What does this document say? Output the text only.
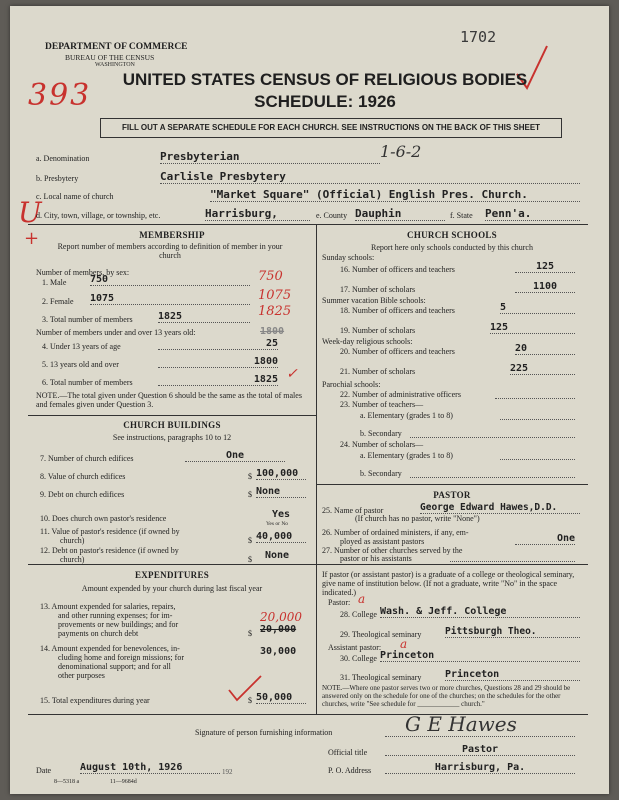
1702
DEPARTMENT OF COMMERCE
BUREAU OF THE CENSUS
WASHINGTON
393	UNITED STATES CENSUS OF RELIGIOUS BODIES
SCHEDULE: 1926
FILL OUT A SEPARATE SCHEDULE FOR EACH CHURCH. SEE INSTRUCTIONS ON THE BACK OF THIS SHEET
1-6-2
a. Denomination	Presbyterian
b. Presbytery	Carlisle Presbytery
c. Local name of church	"Market Square" (Official) English Pres. Church.
U
+
d. City, town, village, or township, etc.	Harrisburg,	e. County Dauphin	f. State Penn'a.
MEMBERSHIP
Report number of members according to definition of member in your church
Number of members, by sex:
1. Male 750	750
2. Female 1075	1075
3. Total number of members	1825	1825
Number of members under and over 13 years old:	1800
4. Under 13 years of age	25
5. 13 years old and over	1800
6. Total number of members	1825 ✓
NOTE.—The total given under Question 6 should be the same as the total of males and females given under Question 3.
CHURCH BUILDINGS
See instructions, paragraphs 10 to 12
7. Number of church edifices	One
8. Value of church edifices	$ 100,000
9. Debt on church edifices	$ None
10. Does church own pastor's residence	Yes
Yes or No
11. Value of pastor's residence (if owned by
church)	$ 40,000
12. Debt on pastor's residence (if owned by
church)	$ None
EXPENDITURES
Amount expended by your church during last fiscal year
13. Amount expended for salaries, repairs,
and other running expenses; for im-
provements or new buildings; and for
payments on church debt
20,000
$ 20,000
14. Amount expended for benevolences, in-
cluding home and foreign missions; for
denominational support; and for all
other purposes
30,000
15. Total expenditures during year	$ 50,000
CHURCH SCHOOLS
Report here only schools conducted by this church
Sunday schools:
16. Number of officers and teachers	125
17. Number of scholars	1100
Summer vacation Bible schools:
18. Number of officers and teachers	5
19. Number of scholars	125
Week-day religious schools:
20. Number of officers and teachers	20
21. Number of scholars	225
Parochial schools:
22. Number of administrative officers
23. Number of teachers—
a. Elementary (grades 1 to 8)
b. Secondary
24. Number of scholars—
a. Elementary (grades 1 to 8)
b. Secondary
PASTOR
25. Name of pastor	George Edward Hawes,D.D.
(If church has no pastor, write "None")
26. Number of ordained ministers, if any, em-
ployed as assistant pastors	One
27. Number of other churches served by the
pastor or his assistants
If pastor (or assistant pastor) is a graduate of a college or theological seminary, give name of institution below. (If not a graduate, write "No" in the space indicated.)
Pastor: a
28. College Wash. & Jeff. College
29. Theological seminary Pittsburgh Theo.
Assistant pastor: a
30. College Princeton
31. Theological seminary Princeton
NOTE.—Where one pastor serves two or more churches, Questions 28 and 29 should be answered only on the schedule for one of the churches; on the schedules for the other churches, write "See schedule for ____________ church."
Signature of person furnishing information	G E Hawes
Official title	Pastor
Date	August 10th, 1926	192	P. O. Address	Harrisburg, Pa.
8—5318 a	11—9684d
